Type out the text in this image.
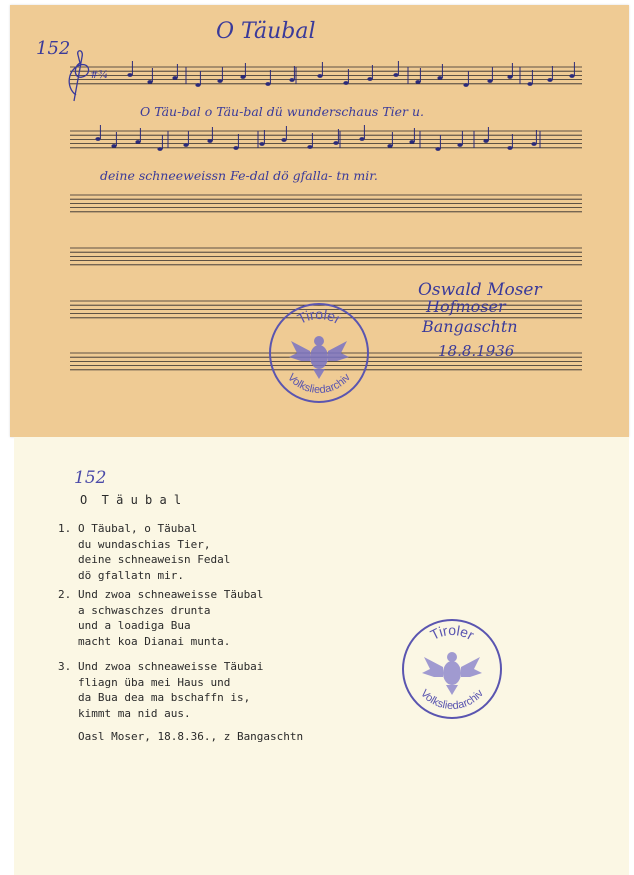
152
O Täubal
#¾
O Täu-bal o Täu-bal dü wunderschaus Tier u.
deine schneeweissn Fe-dal dö gfalla- tn mir.
Oswald Moser
Hofmoser
Bangaschtn
18.8.1936
Tiroler
Volksliedarchiv
152
O  T ä u b a l
1. O Täubal, o Täubal
du wundaschias Tier,
deine schneaweisn Fedal
dö gfallatn mir.
2. Und zwoa schneaweisse Täubal
a schwaschzes drunta
und a loadiga Bua
macht koa Dianai munta.
3. Und zwoa schneaweisse Täubai
fliagn üba mei Haus und
da Bua dea ma bschaffn is,
kimmt ma nid aus.
Oasl Moser, 18.8.36., z Bangaschtn
Tiroler
Volksliedarchiv
